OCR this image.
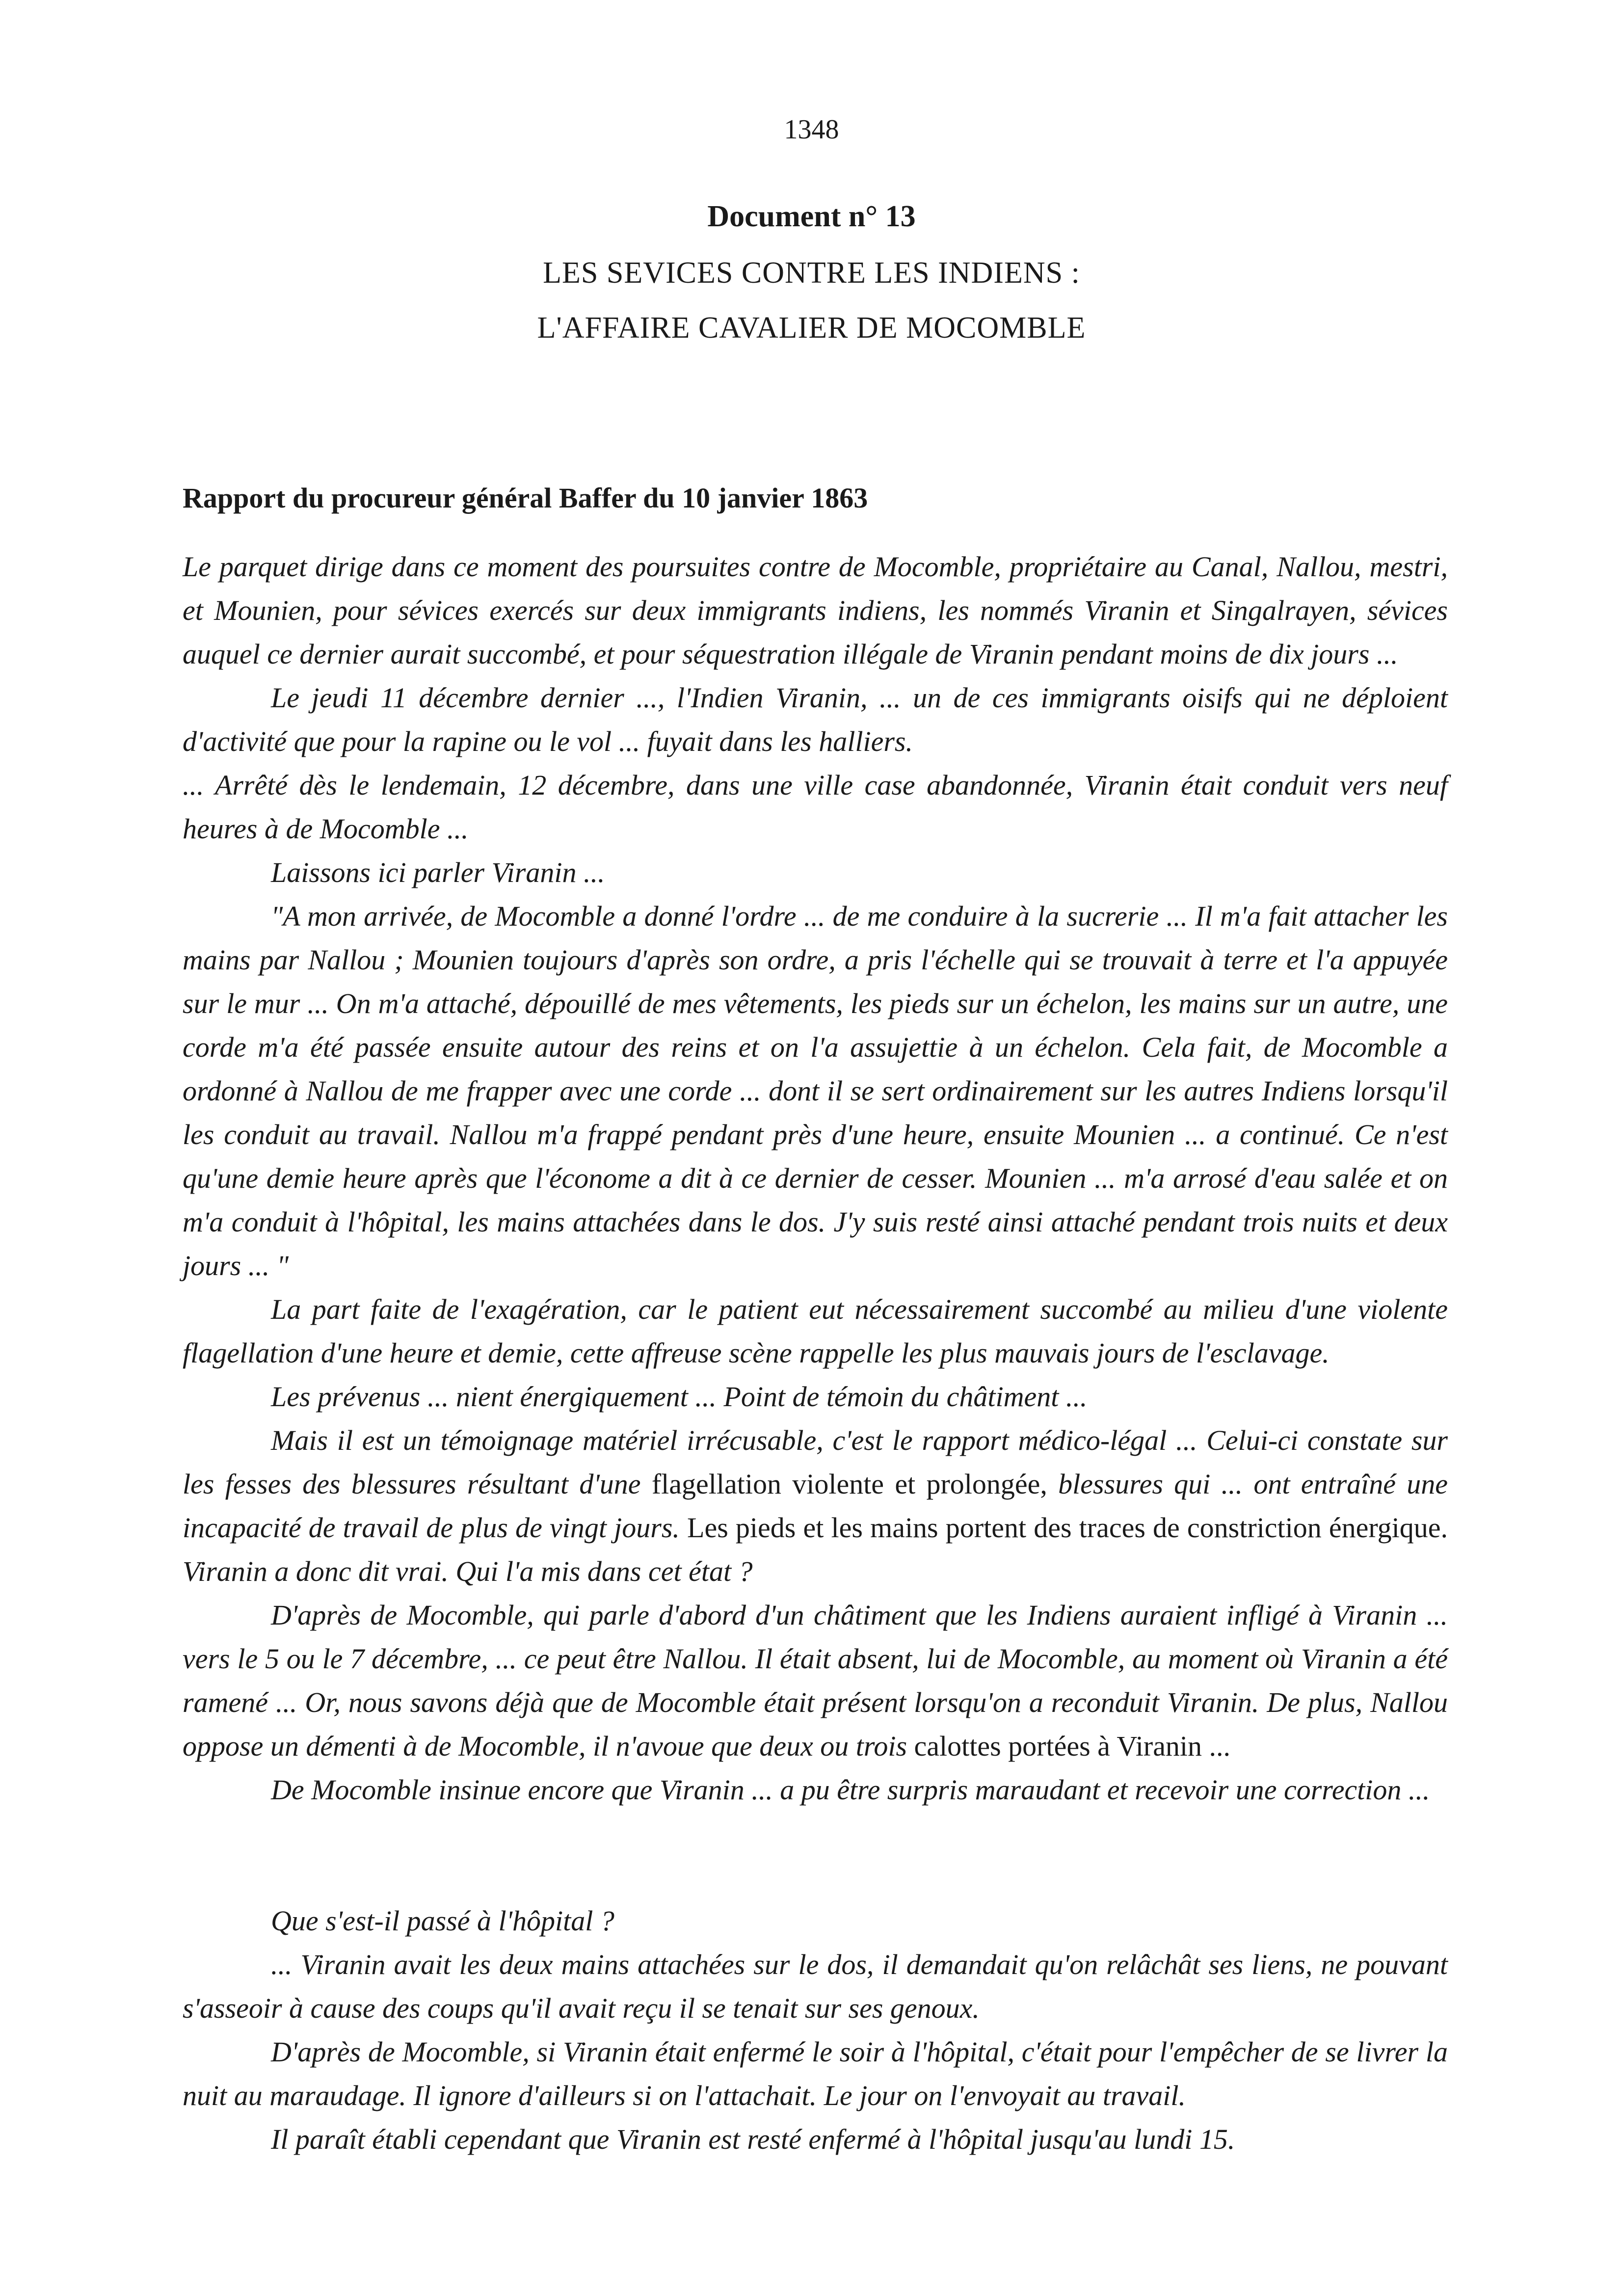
1348
Document n° 13
LES SEVICES CONTRE LES INDIENS :
L'AFFAIRE CAVALIER DE MOCOMBLE
Rapport du procureur général Baffer du 10 janvier 1863

Le parquet dirige dans ce moment des poursuites contre de Mocomble, propriétaire au Canal, Nallou, mestri, et Mounien, pour sévices exercés sur deux immigrants indiens, les nommés Viranin et Singalrayen, sévices auquel ce dernier aurait succombé, et pour séquestration illégale de Viranin pendant moins de dix jours ...

Le jeudi 11 décembre dernier ..., l'Indien Viranin, ... un de ces immigrants oisifs qui ne déploient d'activité que pour la rapine ou le vol ... fuyait dans les halliers.

... Arrêté dès le lendemain, 12 décembre, dans une ville case abandonnée, Viranin était conduit vers neuf heures à de Mocomble ...

Laissons ici parler Viranin ...

"A mon arrivée, de Mocomble a donné l'ordre ... de me conduire à la sucrerie ... Il m'a fait attacher les mains par Nallou ; Mounien toujours d'après son ordre, a pris l'échelle qui se trouvait à terre et l'a appuyée sur le mur ... On m'a attaché, dépouillé de mes vêtements, les pieds sur un échelon, les mains sur un autre, une corde m'a été passée ensuite autour des reins et on l'a assujettie à un échelon. Cela fait, de Mocomble a ordonné à Nallou de me frapper avec une corde ... dont il se sert ordinairement sur les autres Indiens lorsqu'il les conduit au travail. Nallou m'a frappé pendant près d'une heure, ensuite Mounien ... a continué. Ce n'est qu'une demie heure après que l'économe a dit à ce dernier de cesser. Mounien ... m'a arrosé d'eau salée et on m'a conduit à l'hôpital, les mains attachées dans le dos. J'y suis resté ainsi attaché pendant trois nuits et deux jours ... "

La part faite de l'exagération, car le patient eut nécessairement succombé au milieu d'une violente flagellation d'une heure et demie, cette affreuse scène rappelle les plus mauvais jours de l'esclavage.

Les prévenus ... nient énergiquement ... Point de témoin du châtiment ...

Mais il est un témoignage matériel irrécusable, c'est le rapport médico-légal ... Celui-ci constate sur les fesses des blessures résultant d'une flagellation violente et prolongée, blessures qui ... ont entraîné une incapacité de travail de plus de vingt jours. Les pieds et les mains portent des traces de constriction énergique. Viranin a donc dit vrai. Qui l'a mis dans cet état ?

D'après de Mocomble, qui parle d'abord d'un châtiment que les Indiens auraient infligé à Viranin ... vers le 5 ou le 7 décembre, ... ce peut être Nallou. Il était absent, lui de Mocomble, au moment où Viranin a été ramené ... Or, nous savons déjà que de Mocomble était présent lorsqu'on a reconduit Viranin. De plus, Nallou oppose un démenti à de Mocomble, il n'avoue que deux ou trois calottes portées à Viranin ...

De Mocomble insinue encore que Viranin ... a pu être surpris maraudant et recevoir une correction ...

Que s'est-il passé à l'hôpital ?

... Viranin avait les deux mains attachées sur le dos, il demandait qu'on relâchât ses liens, ne pouvant s'asseoir à cause des coups qu'il avait reçu il se tenait sur ses genoux.

D'après de Mocomble, si Viranin était enfermé le soir à l'hôpital, c'était pour l'empêcher de se livrer la nuit au maraudage. Il ignore d'ailleurs si on l'attachait. Le jour on l'envoyait au travail.

Il paraît établi cependant que Viranin est resté enfermé à l'hôpital jusqu'au lundi 15.
